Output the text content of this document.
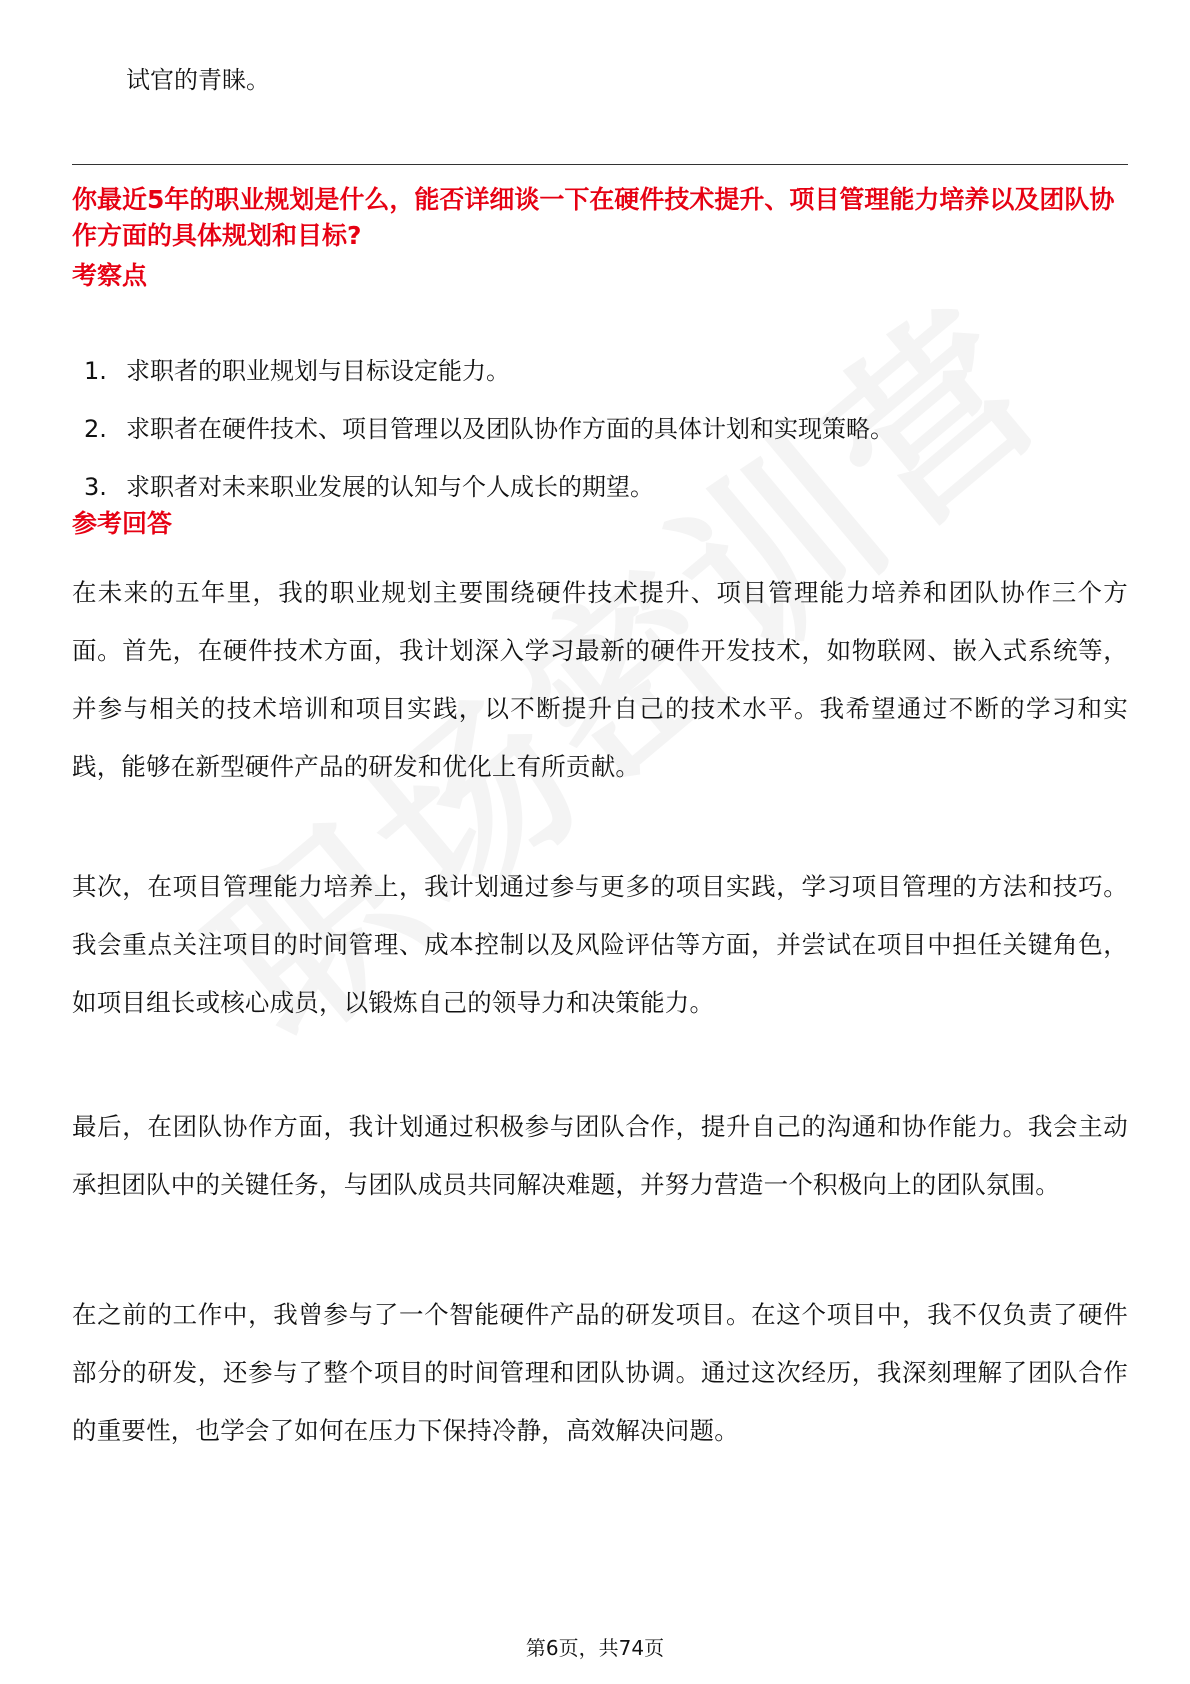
试官的青睐。
你最近5年的职业规划是什么，能否详细谈一下在硬件技术提升、项目管理能力培养以及团队协作方面的具体规划和目标?
考察点
1. 求职者的职业规划与目标设定能力。
2. 求职者在硬件技术、项目管理以及团队协作方面的具体计划和实现策略。
3. 求职者对未来职业发展的认知与个人成长的期望。
参考回答

在未来的五年里，我的职业规划主要围绕硬件技术提升、项目管理能力培养和团队协作三个方面。首先，在硬件技术方面，我计划深入学习最新的硬件开发技术，如物联网、嵌入式系统等，并参与相关的技术培训和项目实践，以不断提升自己的技术水平。我希望通过不断的学习和实践，能够在新型硬件产品的研发和优化上有所贡献。

其次，在项目管理能力培养上，我计划通过参与更多的项目实践，学习项目管理的方法和技巧。我会重点关注项目的时间管理、成本控制以及风险评估等方面，并尝试在项目中担任关键角色，如项目组长或核心成员，以锻炼自己的领导力和决策能力。

最后，在团队协作方面，我计划通过积极参与团队合作，提升自己的沟通和协作能力。我会主动承担团队中的关键任务，与团队成员共同解决难题，并努力营造一个积极向上的团队氛围。

在之前的工作中，我曾参与了一个智能硬件产品的研发项目。在这个项目中，我不仅负责了硬件部分的研发，还参与了整个项目的时间管理和团队协调。通过这次经历，我深刻理解了团队合作的重要性，也学会了如何在压力下保持冷静，高效解决问题。

第6页，共74页
